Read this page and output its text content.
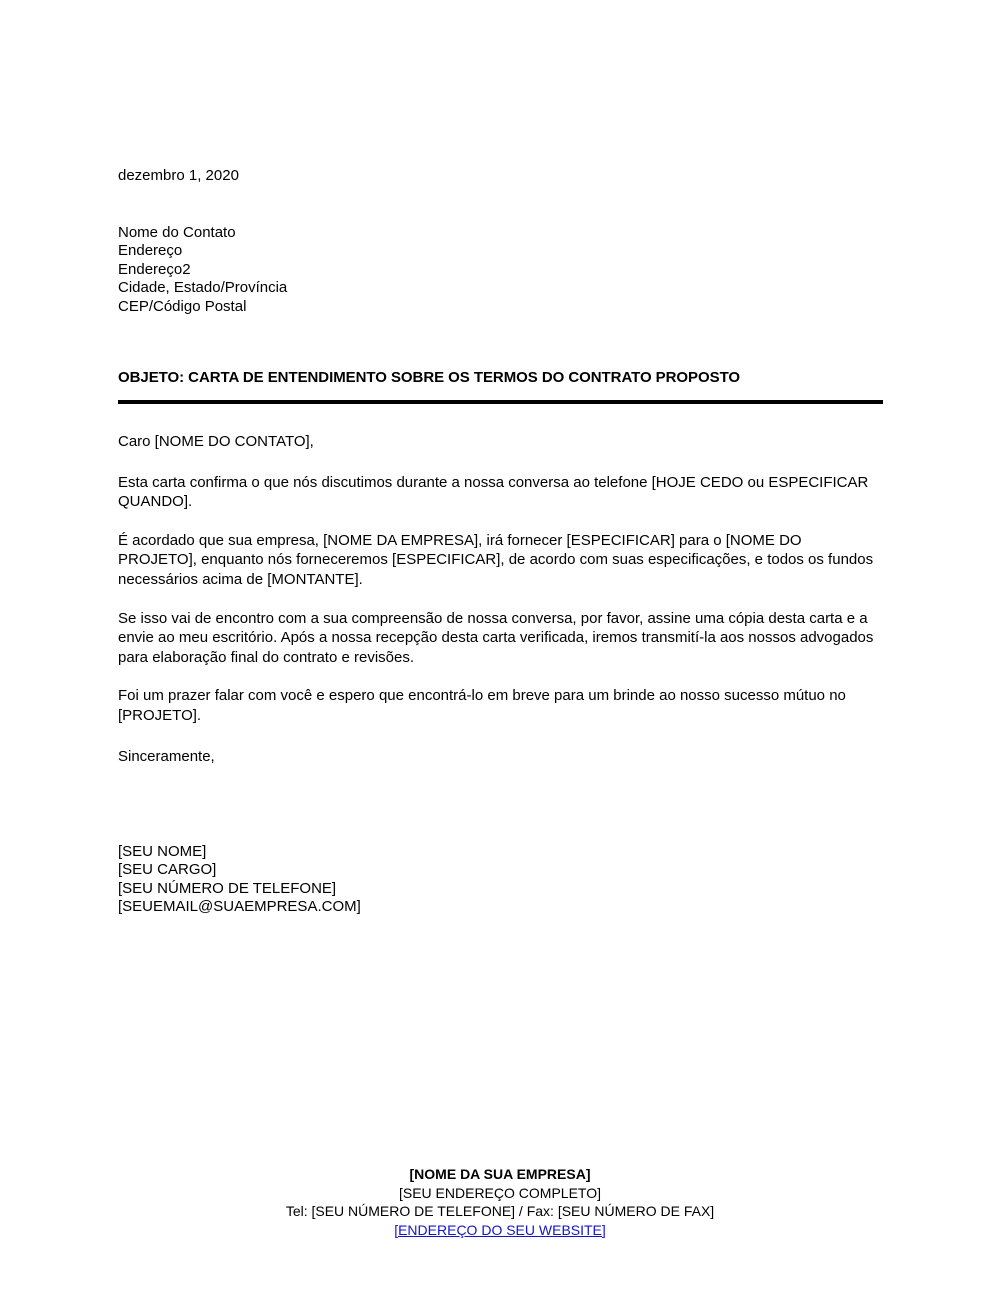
dezembro 1, 2020
Nome do Contato
Endereço
Endereço2
Cidade, Estado/Província
CEP/Código Postal
OBJETO: CARTA DE ENTENDIMENTO SOBRE OS TERMOS DO CONTRATO PROPOSTO

Caro [NOME DO CONTATO],

Esta carta confirma o que nós discutimos durante a nossa conversa ao telefone [HOJE CEDO ou ESPECIFICAR QUANDO].

É acordado que sua empresa, [NOME DA EMPRESA], irá fornecer [ESPECIFICAR] para o [NOME DO PROJETO], enquanto nós forneceremos [ESPECIFICAR], de acordo com suas especificações, e todos os fundos necessários acima de [MONTANTE].

Se isso vai de encontro com a sua compreensão de nossa conversa, por favor, assine uma cópia desta carta e a envie ao meu escritório. Após a nossa recepção desta carta verificada, iremos transmití-la aos nossos advogados para elaboração final do contrato e revisões.

Foi um prazer falar com você e espero que encontrá-lo em breve para um brinde ao nosso sucesso mútuo no [PROJETO].

Sinceramente,
[SEU NOME]
[SEU CARGO]
[SEU NÚMERO DE TELEFONE]
[SEUEMAIL@SUAEMPRESA.COM]
[NOME DA SUA EMPRESA]
[SEU ENDEREÇO COMPLETO]
Tel: [SEU NÚMERO DE TELEFONE] / Fax: [SEU NÚMERO DE FAX]
[ENDEREÇO DO SEU WEBSITE]
